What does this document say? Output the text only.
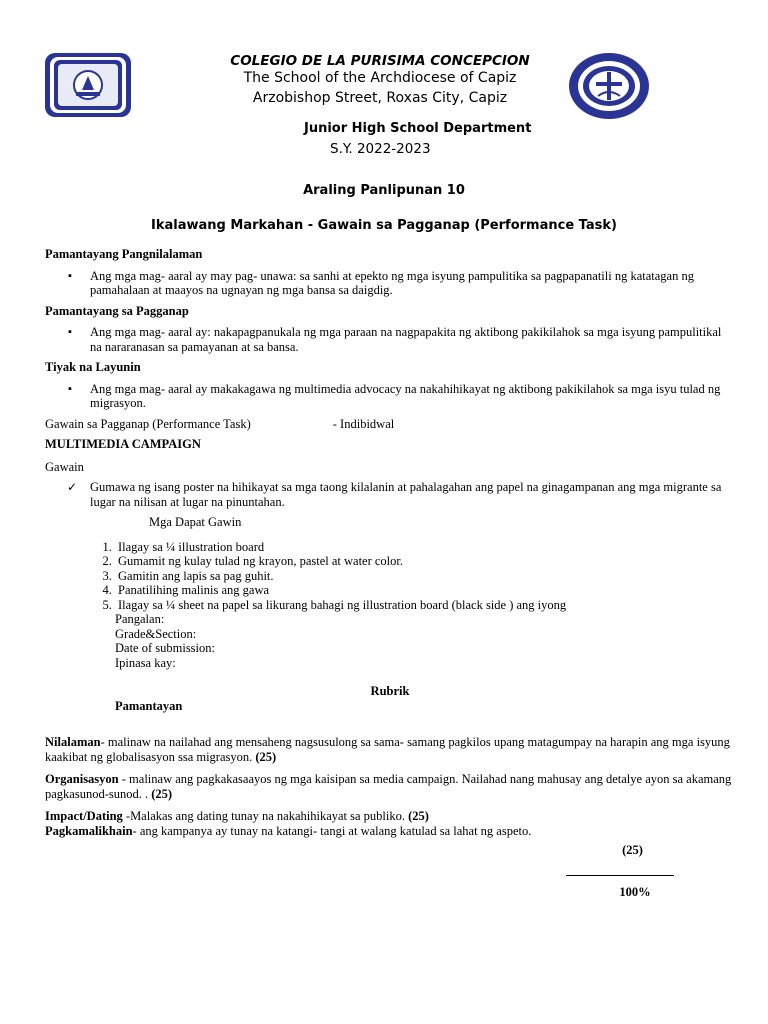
COLEGIO DE LA PURISIMA CONCEPCION
The School of the Archdiocese of Capiz
Arzobishop Street, Roxas City, Capiz
Junior High School Department
S.Y. 2022-2023
Araling Panlipunan 10
Ikalawang Markahan - Gawain sa Pagganap (Performance Task)

Pamantayang Pangnilalaman

▪ Ang mga mag- aaral ay may pag- unawa: sa sanhi at epekto ng mga isyung pampulitika sa pagpapanatili ng katatagan ng pamahalaan at maayos na ugnayan ng mga bansa sa daigdig.

Pamantayang sa Pagganap

▪ Ang mga mag- aaral ay: nakapagpanukala ng mga paraan na nagpapakita ng aktibong pakikilahok sa mga isyung pampulitikal na nararanasan sa pamayanan at sa bansa.

Tiyak na Layunin

▪ Ang mga mag- aaral ay makakagawa ng multimedia advocacy na nakahihikayat ng aktibong pakikilahok sa mga isyu tulad ng migrasyon.

Gawain sa Pagganap (Performance Task)	- Indibidwal

MULTIMEDIA CAMPAIGN

Gawain

✓ Gumawa ng isang poster na hihikayat sa mga taong kilalanin at pahalagahan ang papel na ginagampanan ang mga migrante sa lugar na nilisan at lugar na pinuntahan.

Mga Dapat Gawin

1. Ilagay sa ¼ illustration board
2. Gumamit ng kulay tulad ng krayon, pastel at water color.
3. Gamitin ang lapis sa pag guhit.
4. Panatilihing malinis ang gawa
5. Ilagay sa ¼ sheet na papel sa likurang bahagi ng illustration board (black side ) ang iyong
Pangalan:
Grade&Section:
Date of submission:
Ipinasa kay:

Rubrik

Pamantayan

Nilalaman- malinaw na nailahad ang mensaheng nagsusulong sa sama- samang pagkilos upang matagumpay na harapin ang mga isyung kaakibat ng globalisasyon ssa migrasyon. (25)

Organisasyon - malinaw ang pagkakasaayos ng mga kaisipan sa media campaign. Nailahad nang mahusay ang detalye ayon sa akamang pagkasunod-sunod. . (25)

Impact/Dating -Malakas ang dating tunay na nakahihikayat sa publiko. (25)

Pagkamalikhain- ang kampanya ay tunay na katangi- tangi at walang katulad sa lahat ng aspeto.

(25)
100%
